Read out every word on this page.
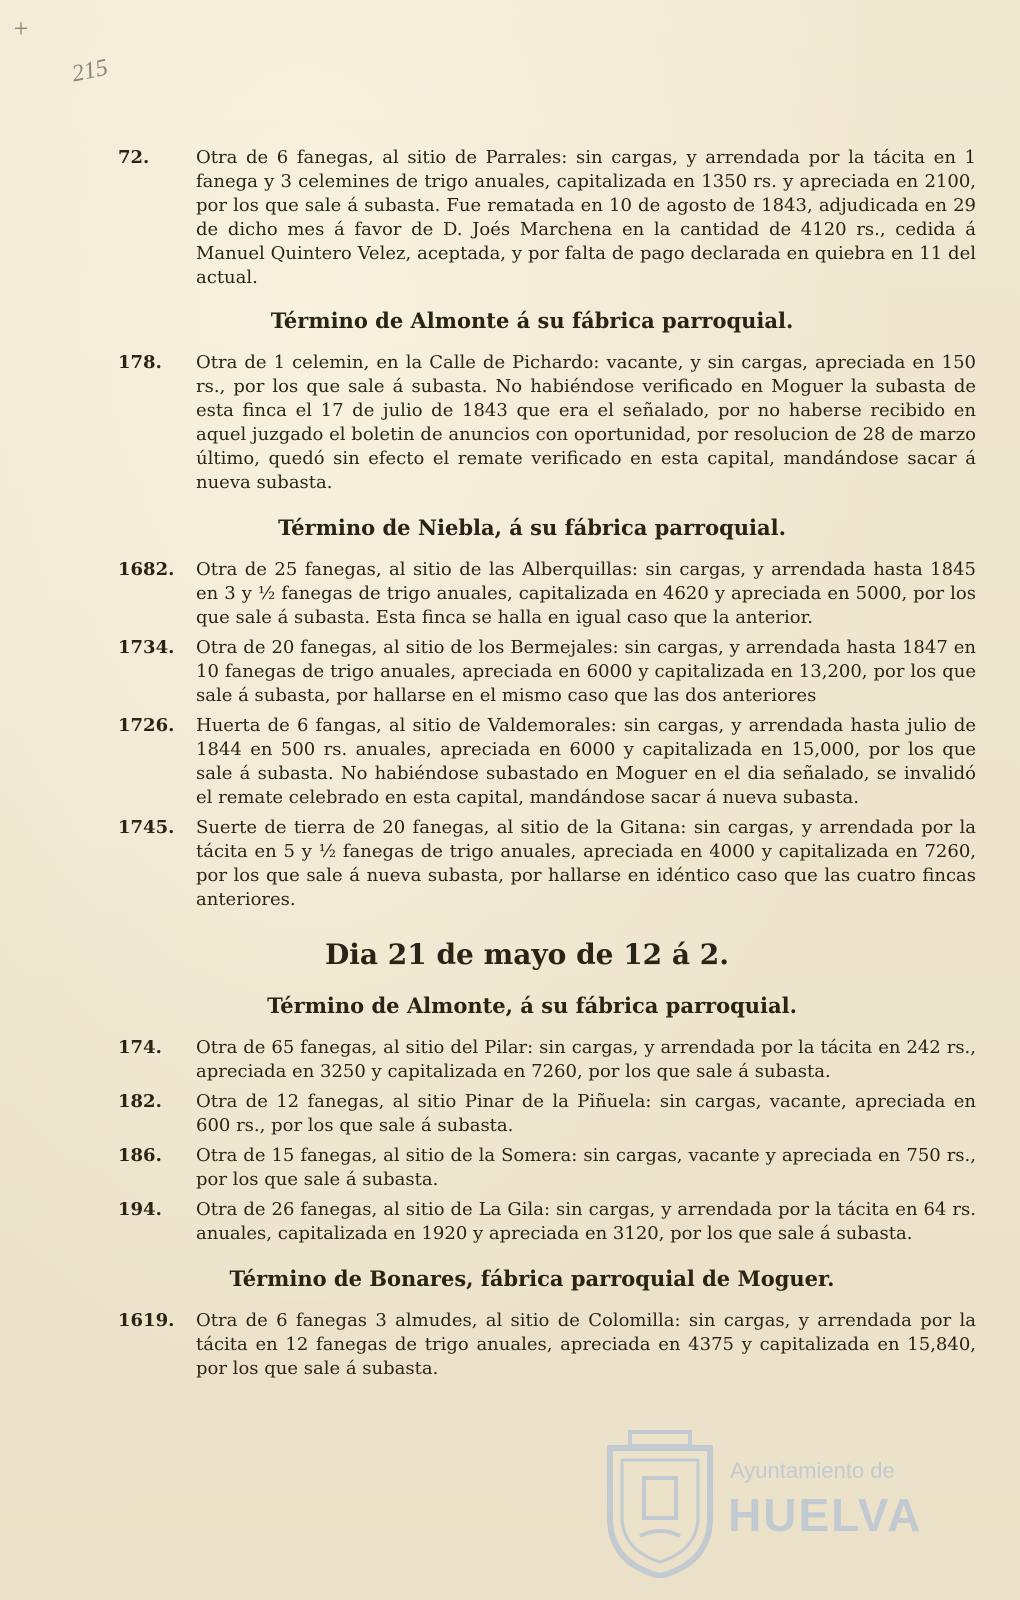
+
215
72.	Otra de 6 fanegas, al sitio de Parrales: sin cargas, y arrendada por la tácita en 1 fanega y 3 celemines de trigo anuales, capitalizada en 1350 rs. y apreciada en 2100, por los que sale á subasta. Fue rematada en 10 de agosto de 1843, adjudicada en 29 de dicho mes á favor de D. Joés Marchena en la cantidad de 4120 rs., cedida á Manuel Quintero Velez, aceptada, y por falta de pago declarada en quiebra en 11 del actual.
Término de Almonte á su fábrica parroquial.
178. Otra de 1 celemin, en la Calle de Pichardo: vacante, y sin cargas, apreciada en 150 rs., por los que sale á subasta. No habiéndose verificado en Moguer la subasta de esta finca el 17 de julio de 1843 que era el señalado, por no haberse recibido en aquel juzgado el boletin de anuncios con oportunidad, por resolucion de 28 de marzo último, quedó sin efecto el remate verificado en esta capital, mandándose sacar á nueva subasta.
Término de Niebla, á su fábrica parroquial.
1682. Otra de 25 fanegas, al sitio de las Alberquillas: sin cargas, y arrendada hasta 1845 en 3 y ½ fanegas de trigo anuales, capitalizada en 4620 y apreciada en 5000, por los que sale á subasta. Esta finca se halla en igual caso que la anterior.
1734. Otra de 20 fanegas, al sitio de los Bermejales: sin cargas, y arrendada hasta 1847 en 10 fanegas de trigo anuales, apreciada en 6000 y capitalizada en 13,200, por los que sale á subasta, por hallarse en el mismo caso que las dos anteriores
1726. Huerta de 6 fangas, al sitio de Valdemorales: sin cargas, y arrendada hasta julio de 1844 en 500 rs. anuales, apreciada en 6000 y capitalizada en 15,000, por los que sale á subasta. No habiéndose subastado en Moguer en el dia señalado, se invalidó el remate celebrado en esta capital, mandándose sacar á nueva subasta.
1745. Suerte de tierra de 20 fanegas, al sitio de la Gitana: sin cargas, y arrendada por la tácita en 5 y ½ fanegas de trigo anuales, apreciada en 4000 y capitalizada en 7260, por los que sale á nueva subasta, por hallarse en idéntico caso que las cuatro fincas anteriores.
Dia 21 de mayo de 12 á 2.
Término de Almonte, á su fábrica parroquial.
174. Otra de 65 fanegas, al sitio del Pilar: sin cargas, y arrendada por la tácita en 242 rs., apreciada en 3250 y capitalizada en 7260, por los que sale á subasta.
182. Otra de 12 fanegas, al sitio Pinar de la Piñuela: sin cargas, vacante, apreciada en 600 rs., por los que sale á subasta.
186. Otra de 15 fanegas, al sitio de la Somera: sin cargas, vacante y apreciada en 750 rs., por los que sale á subasta.
194. Otra de 26 fanegas, al sitio de La Gila: sin cargas, y arrendada por la tácita en 64 rs. anuales, capitalizada en 1920 y apreciada en 3120, por los que sale á subasta.
Término de Bonares, fábrica parroquial de Moguer.
1619. Otra de 6 fanegas 3 almudes, al sitio de Colomilla: sin cargas, y arrendada por la tácita en 12 fanegas de trigo anuales, apreciada en 4375 y capitalizada en 15,840, por los que sale á subasta.
Ayuntamiento de
HUELVA
